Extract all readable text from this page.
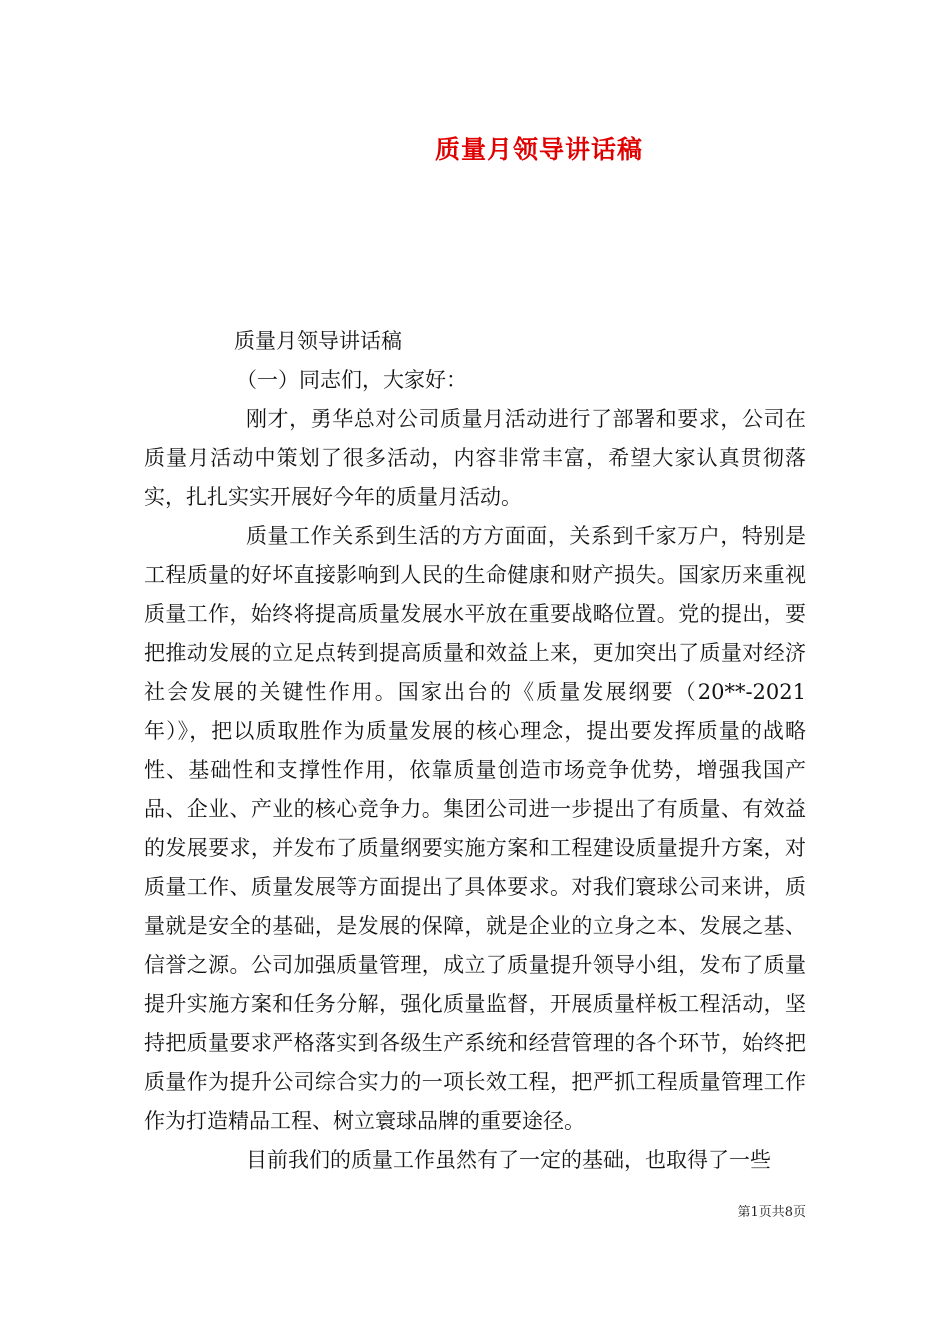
质量月领导讲话稿

质量月领导讲话稿

（一）同志们，大家好：

刚才，勇华总对公司质量月活动进行了部署和要求，公司在质量月活动中策划了很多活动，内容非常丰富，希望大家认真贯彻落实，扎扎实实开展好今年的质量月活动。

质量工作关系到生活的方方面面，关系到千家万户，特别是工程质量的好坏直接影响到人民的生命健康和财产损失。国家历来重视质量工作，始终将提高质量发展水平放在重要战略位置。党的提出，要把推动发展的立足点转到提高质量和效益上来，更加突出了质量对经济社会发展的关键性作用。国家出台的《质量发展纲要（20**-2021年）》，把以质取胜作为质量发展的核心理念，提出要发挥质量的战略性、基础性和支撑性作用，依靠质量创造市场竞争优势，增强我国产品、企业、产业的核心竞争力。集团公司进一步提出了有质量、有效益的发展要求，并发布了质量纲要实施方案和工程建设质量提升方案，对质量工作、质量发展等方面提出了具体要求。对我们寰球公司来讲，质量就是安全的基础，是发展的保障，就是企业的立身之本、发展之基、信誉之源。公司加强质量管理，成立了质量提升领导小组，发布了质量提升实施方案和任务分解，强化质量监督，开展质量样板工程活动，坚持把质量要求严格落实到各级生产系统和经营管理的各个环节，始终把质量作为提升公司综合实力的一项长效工程，把严抓工程质量管理工作作为打造精品工程、树立寰球品牌的重要途径。

目前我们的质量工作虽然有了一定的基础，也取得了一些

第1页共8页
